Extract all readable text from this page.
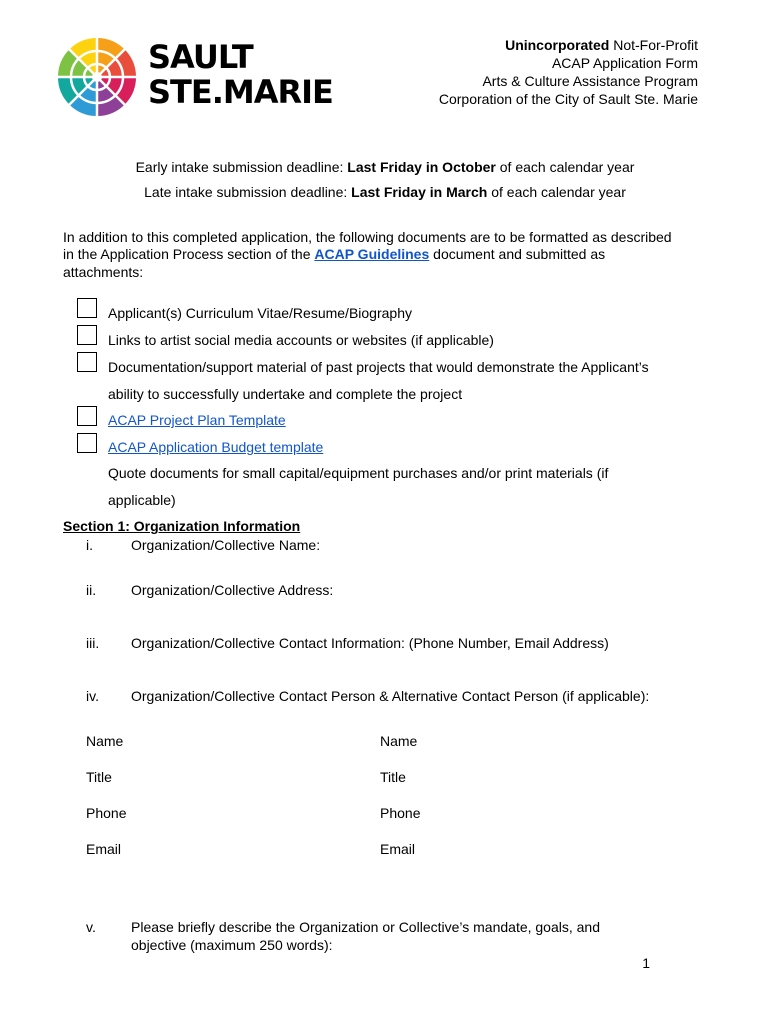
SAULT
STE.MARIE
Unincorporated Not-For-Profit
ACAP Application Form
Arts & Culture Assistance Program
Corporation of the City of Sault Ste. Marie
Early intake submission deadline: Last Friday in October of each calendar year
Late intake submission deadline: Last Friday in March of each calendar year
In addition to this completed application, the following documents are to be formatted as described
in the Application Process section of the ACAP Guidelines document and submitted as
attachments:
Applicant(s) Curriculum Vitae/Resume/Biography
Links to artist social media accounts or websites (if applicable)
Documentation/support material of past projects that would demonstrate the Applicant’s
ability to successfully undertake and complete the project
ACAP Project Plan Template
ACAP Application Budget template
Quote documents for small capital/equipment purchases and/or print materials (if
applicable)
Section 1: Organization Information
i.	Organization/Collective Name:
ii. Organization/Collective Address:
iii. Organization/Collective Contact Information: (Phone Number, Email Address)
iv. Organization/Collective Contact Person & Alternative Contact Person (if applicable):
Name
Title
Phone
Email
Name
Title
Phone
Email
v.	Please briefly describe the Organization or Collective’s mandate, goals, and
objective (maximum 250 words):
1
